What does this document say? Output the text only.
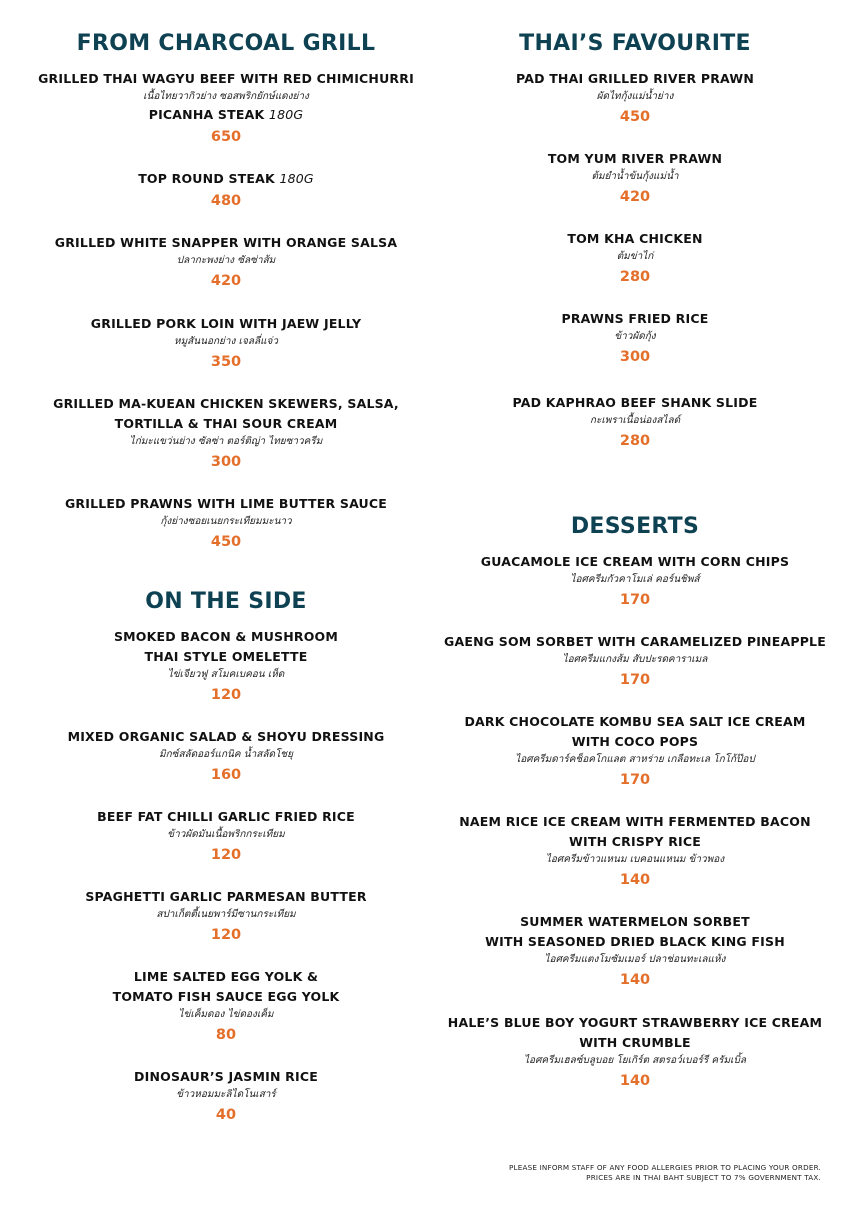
FROM CHARCOAL GRILL
GRILLED THAI WAGYU BEEF WITH RED CHIMICHURRI
เนื้อไทยวากิวย่าง ซอสพริกยักษ์แดงย่าง
PICANHA STEAK 180G
650
TOP ROUND STEAK 180G
480
GRILLED WHITE SNAPPER WITH ORANGE SALSA
ปลากะพงย่าง ซัลซ่าส้ม
420
GRILLED PORK LOIN WITH JAEW JELLY
หมูสันนอกย่าง เจลลี่แจ่ว
350
GRILLED MA-KUEAN CHICKEN SKEWERS, SALSA,
TORTILLA & THAI SOUR CREAM
ไก่มะแขว่นย่าง ซัลซ่า ตอร์ติญ่า ไทยซาวครีม
300
GRILLED PRAWNS WITH LIME BUTTER SAUCE
กุ้งย่างซอยเนยกระเทียมมะนาว
450
ON THE SIDE
SMOKED BACON & MUSHROOM
THAI STYLE OMELETTE
ไข่เจียวฟู สโมคเบคอน เห็ด
120
MIXED ORGANIC SALAD & SHOYU DRESSING
มิกซ์สลัดออร์แกนิค น้ำสลัดโชยุ
160
BEEF FAT CHILLI GARLIC FRIED RICE
ข้าวผัดมันเนื้อพริกกระเทียม
120
SPAGHETTI GARLIC PARMESAN BUTTER
สปาเก็ตตี้เนยพาร์มีซานกระเทียม
120
LIME SALTED EGG YOLK &
TOMATO FISH SAUCE EGG YOLK
ไข่เค็มดอง ไข่ดองเค็ม
80
DINOSAUR’S JASMIN RICE
ข้าวหอมมะลิไดโนเสาร์
40
THAI’S FAVOURITE
PAD THAI GRILLED RIVER PRAWN
ผัดไทกุ้งแม่น้ำย่าง
450
TOM YUM RIVER PRAWN
ต้มยำน้ำข้นกุ้งแม่น้ำ
420
TOM KHA CHICKEN
ต้มข่าไก่
280
PRAWNS FRIED RICE
ข้าวผัดกุ้ง
300
PAD KAPHRAO BEEF SHANK SLIDE
กะเพราเนื้อน่องสไลด์
280
DESSERTS
GUACAMOLE ICE CREAM WITH CORN CHIPS
ไอศครีมกัวคาโมเล่ คอร์นชิพส์
170
GAENG SOM SORBET WITH CARAMELIZED PINEAPPLE
ไอศครีมแกงส้ม สับปะรดคาราเมล
170
DARK CHOCOLATE KOMBU SEA SALT ICE CREAM
WITH COCO POPS
ไอศครีมดาร์คช็อคโกแลต สาหร่าย เกลือทะเล โกโก้ป๊อป
170
NAEM RICE ICE CREAM WITH FERMENTED BACON
WITH CRISPY RICE
ไอศครีมข้าวแหนม เบคอนแหนม ข้าวพอง
140
SUMMER WATERMELON SORBET
WITH SEASONED DRIED BLACK KING FISH
ไอศครีมแตงโมซัมเมอร์ ปลาช่อนทะเลแห้ง
140
HALE’S BLUE BOY YOGURT STRAWBERRY ICE CREAM
WITH CRUMBLE
ไอศครีมเฮลซ์บลูบอย โยเกิร์ต สตรอว์เบอร์รี ครัมเบิ้ล
140
PLEASE INFORM STAFF OF ANY FOOD ALLERGIES PRIOR TO PLACING YOUR ORDER.
PRICES ARE IN THAI BAHT SUBJECT TO 7% GOVERNMENT TAX.
